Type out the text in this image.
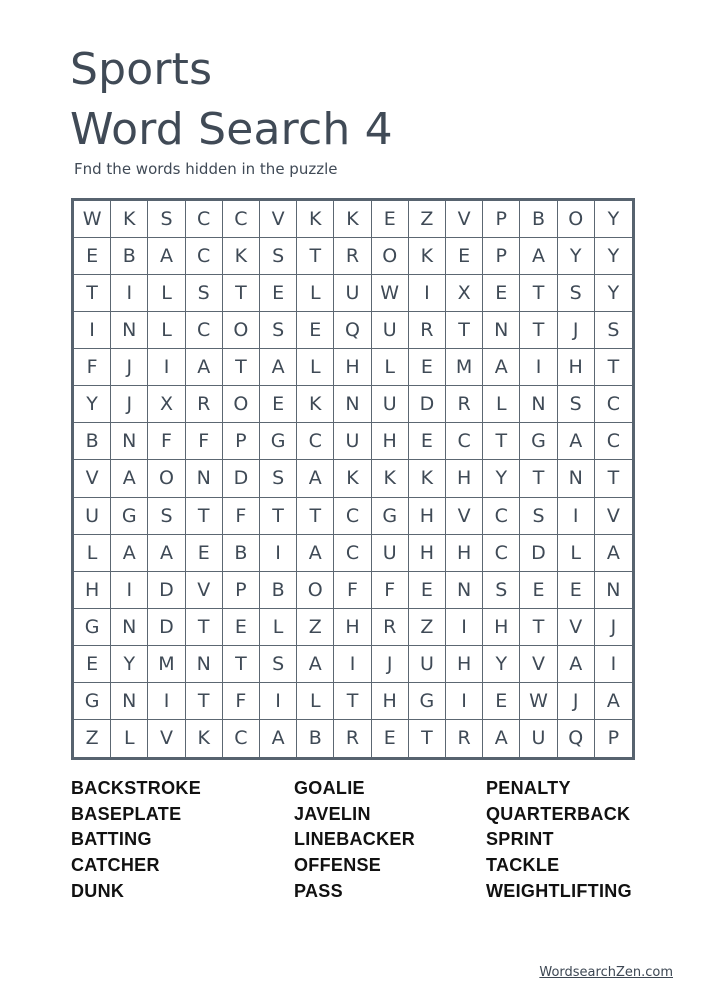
Sports
Word Search 4
Fnd the words hidden in the puzzle
W	K	S	C	C	V	K	K	E	Z	V	P	B	O	Y
E	B	A	C	K	S	T	R	O	K	E	P	A	Y	Y
T	I	L	S	T	E	L	U	W	I	X	E	T	S	Y
I	N	L	C	O	S	E	Q	U	R	T	N	T	J	S
F	J	I	A	T	A	L	H	L	E	M	A	I	H	T
Y	J	X	R	O	E	K	N	U	D	R	L	N	S	C
B	N	F	F	P	G	C	U	H	E	C	T	G	A	C
V	A	O	N	D	S	A	K	K	K	H	Y	T	N	T
U	G	S	T	F	T	T	C	G	H	V	C	S	I	V
L	A	A	E	B	I	A	C	U	H	H	C	D	L	A
H	I	D	V	P	B	O	F	F	E	N	S	E	E	N
G	N	D	T	E	L	Z	H	R	Z	I	H	T	V	J
E	Y	M	N	T	S	A	I	J	U	H	Y	V	A	I
G	N	I	T	F	I	L	T	H	G	I	E	W	J	A
Z	L	V	K	C	A	B	R	E	T	R	A	U	Q	P
BACKSTROKE
BASEPLATE
BATTING
CATCHER
DUNK
GOALIE
JAVELIN
LINEBACKER
OFFENSE
PASS
PENALTY
QUARTERBACK
SPRINT
TACKLE
WEIGHTLIFTING
WordsearchZen.com
